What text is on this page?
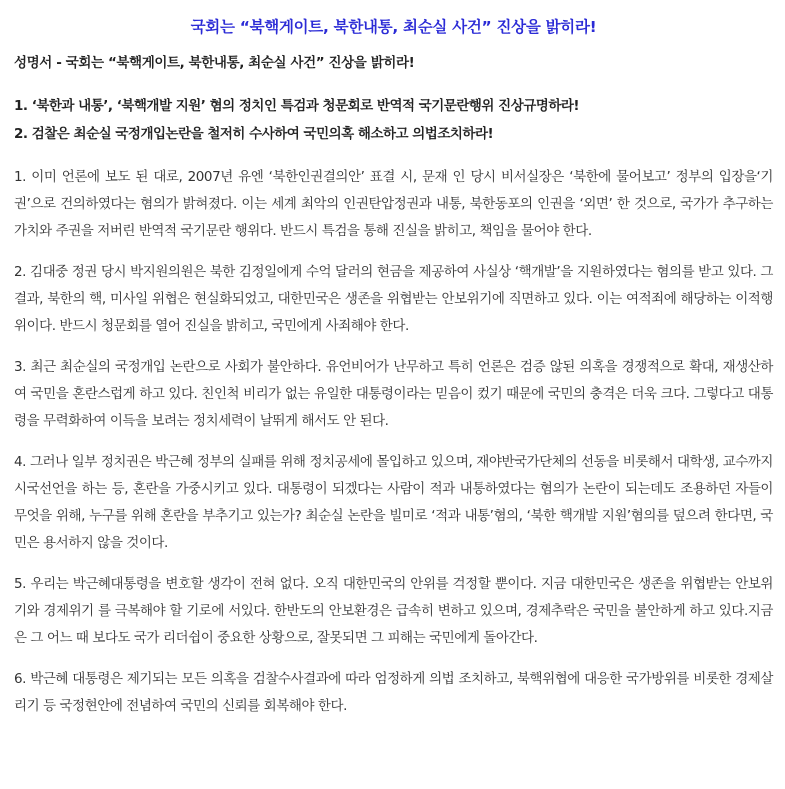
국회는 “북핵게이트, 북한내통, 최순실 사건” 진상을 밝히라!
성명서 - 국회는 “북핵게이트, 북한내통, 최순실 사건” 진상을 밝히라!
1. ‘북한과 내통’, ‘북핵개발 지원’ 혐의 정치인 특검과 청문회로 반역적 국기문란행위 진상규명하라!
2. 검찰은 최순실 국정개입논란을 철저히 수사하여 국민의혹 해소하고 의법조치하라!
1. 이미 언론에 보도 된 대로, 2007년 유엔 ‘북한인권결의안’ 표결 시, 문재 인 당시 비서실장은 ‘북한에 물어보고’ 정부의 입장을‘기권’으로 건의하였다는 혐의가 밝혀졌다. 이는 세계 최악의 인권탄압정권과 내통, 북한동포의 인권을 ‘외면’ 한 것으로, 국가가 추구하는 가치와 주권을 저버린 반역적 국기문란 행위다. 반드시 특검을 통해 진실을 밝히고, 책임을 물어야 한다.
2. 김대중 정권 당시 박지원의원은 북한 김정일에게 수억 달러의 현금을 제공하여 사실상 ‘핵개발’을 지원하였다는 혐의를 받고 있다. 그 결과, 북한의 핵, 미사일 위협은 현실화되었고, 대한민국은 생존을 위협받는 안보위기에 직면하고 있다. 이는 여적죄에 해당하는 이적행위이다. 반드시 청문회를 열어 진실을 밝히고, 국민에게 사죄해야 한다.
3. 최근 최순실의 국정개입 논란으로 사회가 불안하다. 유언비어가 난무하고 특히 언론은 검증 않된 의혹을 경쟁적으로 확대, 재생산하여 국민을 혼란스럽게 하고 있다. 친인척 비리가 없는 유일한 대통령이라는 믿음이 컸기 때문에 국민의 충격은 더욱 크다. 그렇다고 대통령을 무력화하여 이득을 보려는 정치세력이 날뛰게 해서도 안 된다.
4. 그러나 일부 정치권은 박근혜 정부의 실패를 위해 정치공세에 몰입하고 있으며, 재야반국가단체의 선동을 비롯해서 대학생, 교수까지 시국선언을 하는 등, 혼란을 가중시키고 있다. 대통령이 되겠다는 사람이 적과 내통하였다는 혐의가 논란이 되는데도 조용하던 자들이 무엇을 위해, 누구를 위해 혼란을 부추기고 있는가? 최순실 논란을 빌미로 ‘적과 내통’혐의, ‘북한 핵개발 지원’혐의를 덮으려 한다면, 국민은 용서하지 않을 것이다.
5. 우리는 박근혜대통령을 변호할 생각이 전혀 없다. 오직 대한민국의 안위를 걱정할 뿐이다. 지금 대한민국은 생존을 위협받는 안보위기와 경제위기 를 극복해야 할 기로에 서있다. 한반도의 안보환경은 급속히 변하고 있으며, 경제추락은 국민을 불안하게 하고 있다.지금은 그 어느 때 보다도 국가 리더쉽이 중요한 상황으로, 잘못되면 그 피해는 국민에게 돌아간다.
6. 박근혜 대통령은 제기되는 모든 의혹을 검찰수사결과에 따라 엄정하게 의법 조치하고, 북핵위협에 대응한 국가방위를 비롯한 경제살리기 등 국정현안에 전념하여 국민의 신뢰를 회복해야 한다.
